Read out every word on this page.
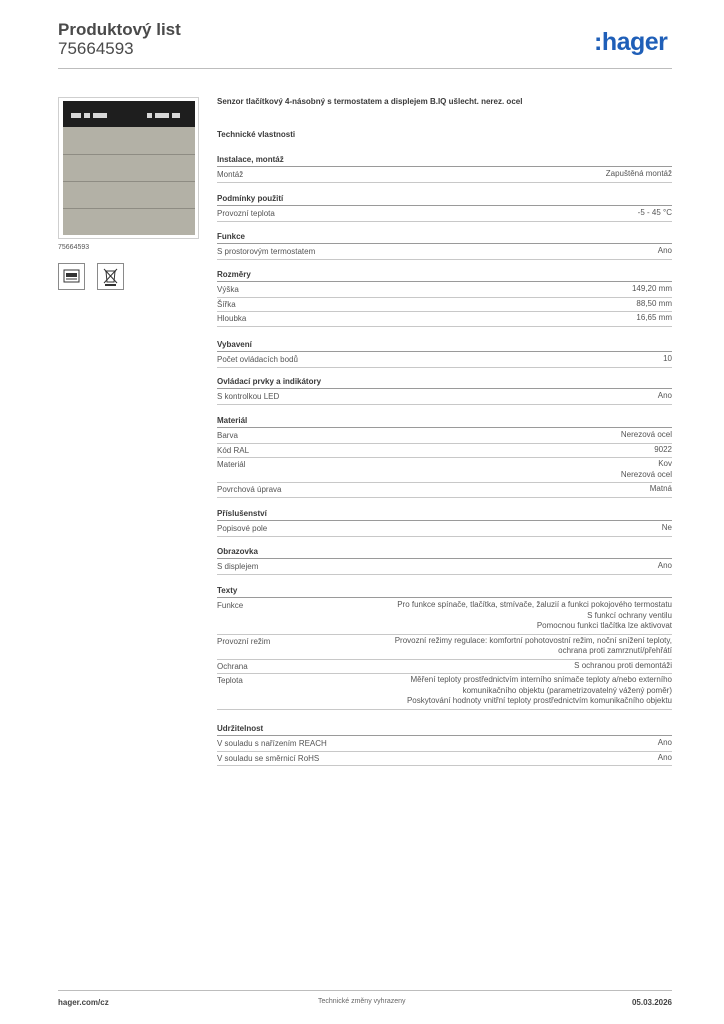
Produktový list
75664593	:hager
75664593
Senzor tlačítkový 4-násobný s termostatem a displejem B.IQ ušlecht. nerez. ocel
Technické vlastnosti
Instalace, montáž
Montáž	Zapuštěná montáž
Podmínky použití
Provozní teplota	-5 - 45 °C
Funkce
S prostorovým termostatem	Ano
Rozměry
Výška	149,20 mm
Šířka	88,50 mm
Hloubka	16,65 mm
Vybavení
Počet ovládacích bodů	10
Ovládací prvky a indikátory
S kontrolkou LED	Ano
Materiál
Barva	Nerezová ocel
Kód RAL	9022
Materiál	Kov
Nerezová ocel
Povrchová úprava	Matná
Příslušenství
Popisové pole	Ne
Obrazovka
S displejem	Ano
Texty
Funkce	Pro funkce spínače, tlačítka, stmívače, žaluzií a funkci pokojového termostatu
S funkcí ochrany ventilu
Pomocnou funkci tlačítka lze aktivovat
Provozní režim	Provozní režimy regulace: komfortní pohotovostní režim, noční snížení teploty,
ochrana proti zamrznutí/přehřátí
Ochrana	S ochranou proti demontáži
Teplota	Měření teploty prostřednictvím interního snímače teploty a/nebo externího
komunikačního objektu (parametrizovatelný vážený poměr)
Poskytování hodnoty vnitřní teploty prostřednictvím komunikačního objektu
Udržitelnost
V souladu s nařízením REACH	Ano
V souladu se směrnicí RoHS	Ano
hager.com/cz	Technické změny vyhrazeny	05.03.2026
